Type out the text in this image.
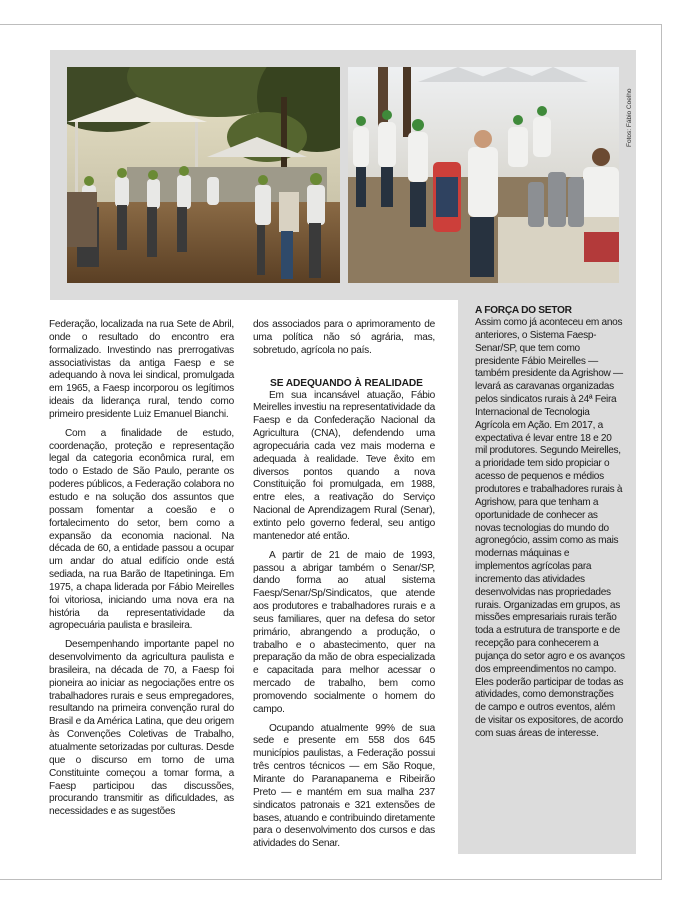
Fotos: Fábio Coelho

Federação, localizada na rua Sete de Abril, onde o resultado do encontro era formalizado. Investindo nas prerrogativas associativistas da antiga Faesp e se adequando à nova lei sindical, promulgada em 1965, a Faesp incorporou os legítimos ideais da liderança rural, tendo como primeiro presidente Luiz Emanuel Bianchi.

Com a finalidade de estudo, coordenação, proteção e representação legal da categoria econômica rural, em todo o Estado de São Paulo, perante os poderes públicos, a Federação colabora no estudo e na solução dos assuntos que possam fomentar a coesão e o fortalecimento do setor, bem como a expansão da economia nacional. Na década de 60, a entidade passou a ocupar um andar do atual edifício onde está sediada, na rua Barão de Itapetininga. Em 1975, a chapa liderada por Fábio Meirelles foi vitoriosa, iniciando uma nova era na história da representatividade da agropecuária paulista e brasileira.

Desempenhando importante papel no desenvolvimento da agricultura paulista e brasileira, na década de 70, a Faesp foi pioneira ao iniciar as negociações entre os trabalhadores rurais e seus empregadores, resultando na primeira convenção rural do Brasil e da América Latina, que deu origem às Convenções Coletivas de Trabalho, atualmente setorizadas por culturas. Desde que o discurso em torno de uma Constituinte começou a tomar forma, a Faesp participou das discussões, procurando transmitir as dificuldades, as necessidades e as sugestões

dos associados para o aprimoramento de uma política não só agrária, mas, sobretudo, agrícola no país.

SE ADEQUANDO À REALIDADE

Em sua incansável atuação, Fábio Meirelles investiu na representatividade da Faesp e da Confederação Nacional da Agricultura (CNA), defendendo uma agropecuária cada vez mais moderna e adequada à realidade. Teve êxito em diversos pontos quando a nova Constituição foi promulgada, em 1988, entre eles, a reativação do Serviço Nacional de Aprendizagem Rural (Senar), extinto pelo governo federal, seu antigo mantenedor até então.

A partir de 21 de maio de 1993, passou a abrigar também o Senar/SP, dando forma ao atual sistema Faesp/Senar/Sp/Sindicatos, que atende aos produtores e trabalhadores rurais e a seus familiares, quer na defesa do setor primário, abrangendo a produção, o trabalho e o abastecimento, quer na preparação da mão de obra especializada e capacitada para melhor acessar o mercado de trabalho, bem como promovendo socialmente o homem do campo.

Ocupando atualmente 99% de sua sede e presente em 558 dos 645 municípios paulistas, a Federação possui três centros técnicos — em São Roque, Mirante do Paranapanema e Ribeirão Preto — e mantém em sua malha 237 sindicatos patronais e 321 extensões de bases, atuando e contribuindo diretamente para o desenvolvimento dos cursos e das atividades do Senar.

A FORÇA DO SETOR

Assim como já aconteceu em anos anteriores, o Sistema Faesp-Senar/SP, que tem como presidente Fábio Meirelles — também presidente da Agrishow — levará as caravanas organizadas pelos sindicatos rurais à 24ª Feira Internacional de Tecnologia Agrícola em Ação. Em 2017, a expectativa é levar entre 18 e 20 mil produtores. Segundo Meirelles, a prioridade tem sido propiciar o acesso de pequenos e médios produtores e trabalhadores rurais à Agrishow, para que tenham a oportunidade de conhecer as novas tecnologias do mundo do agronegócio, assim como as mais modernas máquinas e implementos agrícolas para incremento das atividades desenvolvidas nas propriedades rurais. Organizadas em grupos, as missões empresariais rurais terão toda a estrutura de transporte e de recepção para conhecerem a pujança do setor agro e os avanços dos empreendimentos no campo. Eles poderão participar de todas as atividades, como demonstrações de campo e outros eventos, além de visitar os expositores, de acordo com suas áreas de interesse.
